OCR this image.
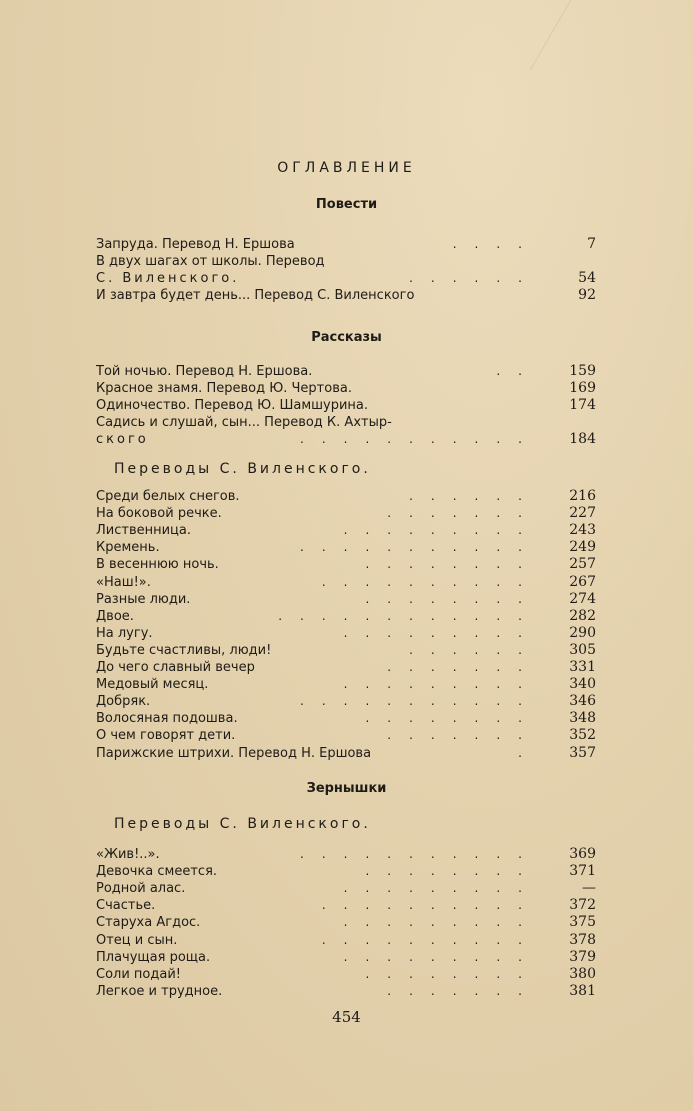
ОГЛАВЛЕНИЕ
Повести
Запруда. Перевод Н. Ершова	....	7
В двух шагах от школы. Перевод
С. Виленского.	......	54
И завтра будет день... Перевод С. Виленского	92
Рассказы
Той ночью. Перевод Н. Ершова.	.. 159
Красное знамя. Перевод Ю. Чертова.	169
Одиночество. Перевод Ю. Шамшурина.	174
Садись и слушай, сын... Перевод К. Ахтыр-
ского	........... 184
Переводы С. Виленского.
Среди белых снегов.	...... 216
На боковой речке.	....... 227
Лиственница.	......... 243
Кремень.	........... 249
В весеннюю ночь.	........ 257
«Наш!».	.......... 267
Разные люди.	........ 274
Двое.	............ 282
На лугу.	......... 290
Будьте счастливы, люди!	...... 305
До чего славный вечер	....... 331
Медовый месяц.	......... 340
Добряк.	........... 346
Волосяная подошва.	........ 348
О чем говорят дети.	....... 352
Парижские штрихи. Перевод Н. Ершова	. 357
Зернышки
Переводы С. Виленского.
«Жив!..».	........... 369
Девочка смеется.	........ 371
Родной алас.	.........	—
Счастье.	.......... 372
Старуха Агдос.	......... 375
Отец и сын.	.......... 378
Плачущая роща.	......... 379
Соли подай!	........ 380
Легкое и трудное.	....... 381
454
